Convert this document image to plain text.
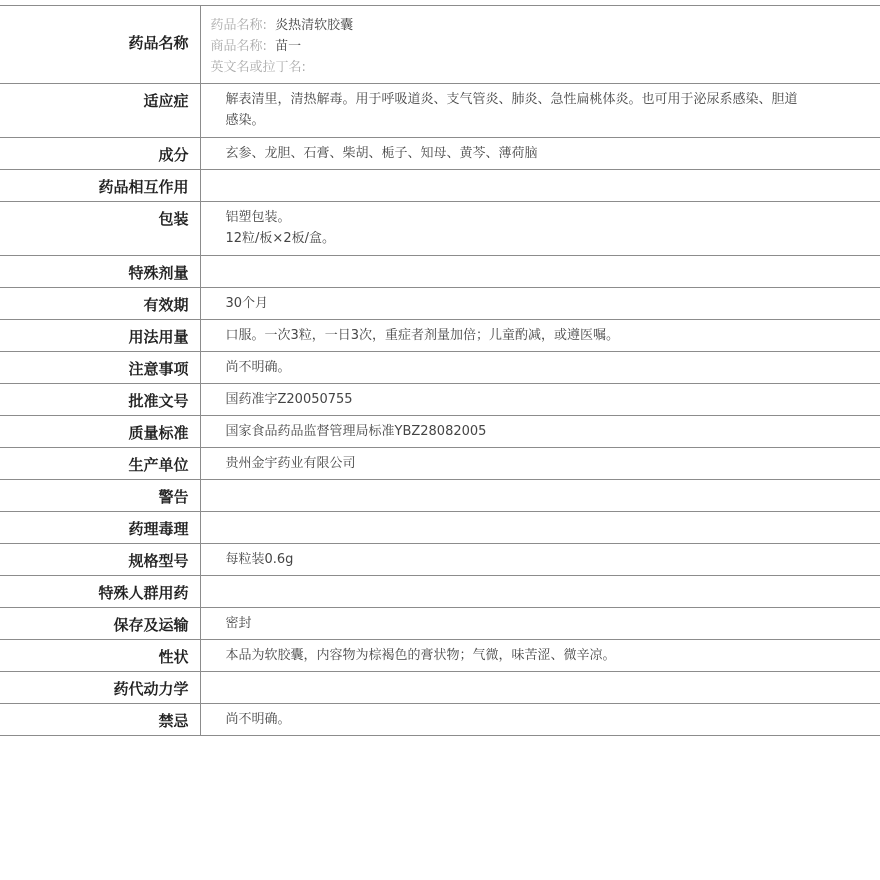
药品名称	药品名称: 炎热清软胶囊
商品名称: 苗一
英文名或拉丁名:

适应症	解表清里，清热解毒。用于呼吸道炎、支气管炎、肺炎、急性扁桃体炎。也可用于泌尿系感染、胆道感染。
成分	玄参、龙胆、石膏、柴胡、栀子、知母、黄芩、薄荷脑
药品相互作用	
包装	铝塑包装。
12粒/板×2板/盒。

特殊剂量	
有效期	30个月
用法用量	口服。一次3粒，一日3次，重症者剂量加倍；儿童酌减，或遵医嘱。
注意事项	尚不明确。
批准文号	国药准字Z20050755
质量标准	国家食品药品监督管理局标准YBZ28082005
生产单位	贵州金宇药业有限公司
警告	
药理毒理	
规格型号	每粒装0.6g
特殊人群用药	
保存及运输	密封
性状	本品为软胶囊，内容物为棕褐色的膏状物；气微，味苦涩、微辛凉。
药代动力学	
禁忌	尚不明确。
